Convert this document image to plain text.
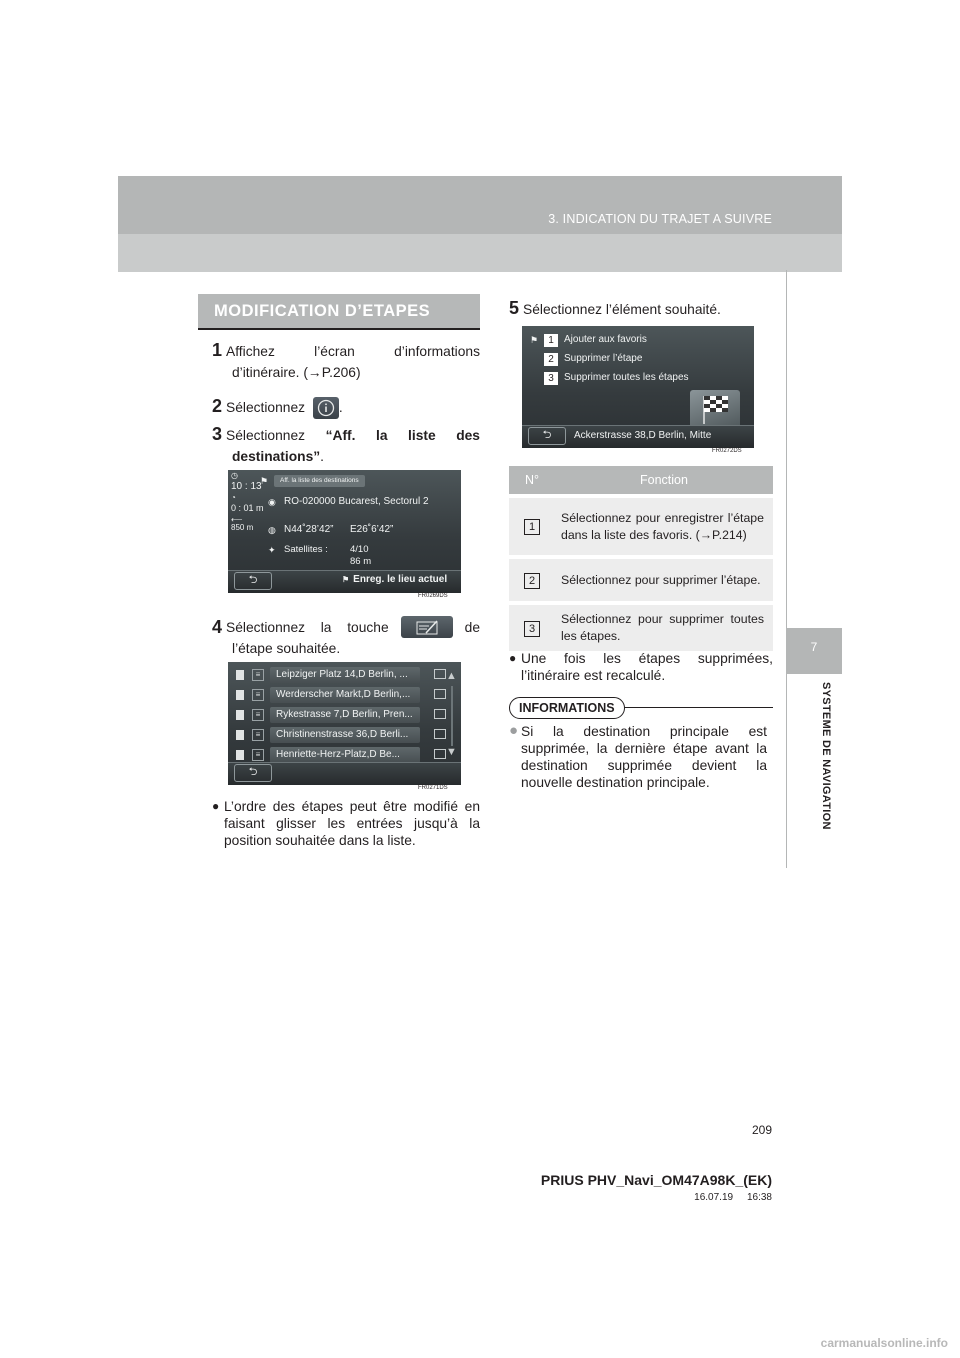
3. INDICATION DU TRAJET A SUIVRE
7
SYSTEME DE NAVIGATION
MODIFICATION D’ETAPES
1 Affichez l’écran d’informations
d’itinéraire. (→P.206)
2 Sélectionnez .
3 Sélectionnez “Aff. la liste des
destinations”.
◷
10 : 13
◔
0 : 01 m
⟵
850 m
⚑	Aff. la liste des destinations
◉ RO-020000 Bucarest, Sectorul 2
◍ N44˚28’42” E26˚6’42”
✦ Satellites : 4/10
86 m
⮌	⚑ Enreg. le lieu actuel
FR0269DS
4 Sélectionnez la touche	de
l’étape souhaitée.
≡	Leipziger Platz 14,D Berlin, ...
≡	Werderscher Markt,D Berlin,...
≡	Rykestrasse 7,D Berlin, Pren...
≡	Christinenstrasse 36,D Berli...
≡	Henriette-Herz-Platz,D Be...
▲
▼
⮌
FR0271DS
● L’ordre des étapes peut être modifié en faisant glisser les entrées jusqu’à la position souhaitée dans la liste.
5 Sélectionnez l’élément souhaité.
⚑	1	Ajouter aux favoris
2	Supprimer l’étape
3	Supprimer toutes les étapes
⮌	Ackerstrasse 38,D Berlin, Mitte
FR0272DS
N°	Fonction

1	Sélectionnez pour enregistrer l’étape dans la liste des favoris. (→P.214)

2	Sélectionnez pour supprimer l’étape.

3	Sélectionnez pour supprimer toutes les étapes.
● Une fois les étapes supprimées, l’itinéraire est recalculé.
INFORMATIONS
● Si la destination principale est supprimée, la dernière étape avant la destination supprimée devient la nouvelle destination principale.
209
PRIUS PHV_Navi_OM47A98K_(EK)
16.07.19     16:38
carmanualsonline.info
